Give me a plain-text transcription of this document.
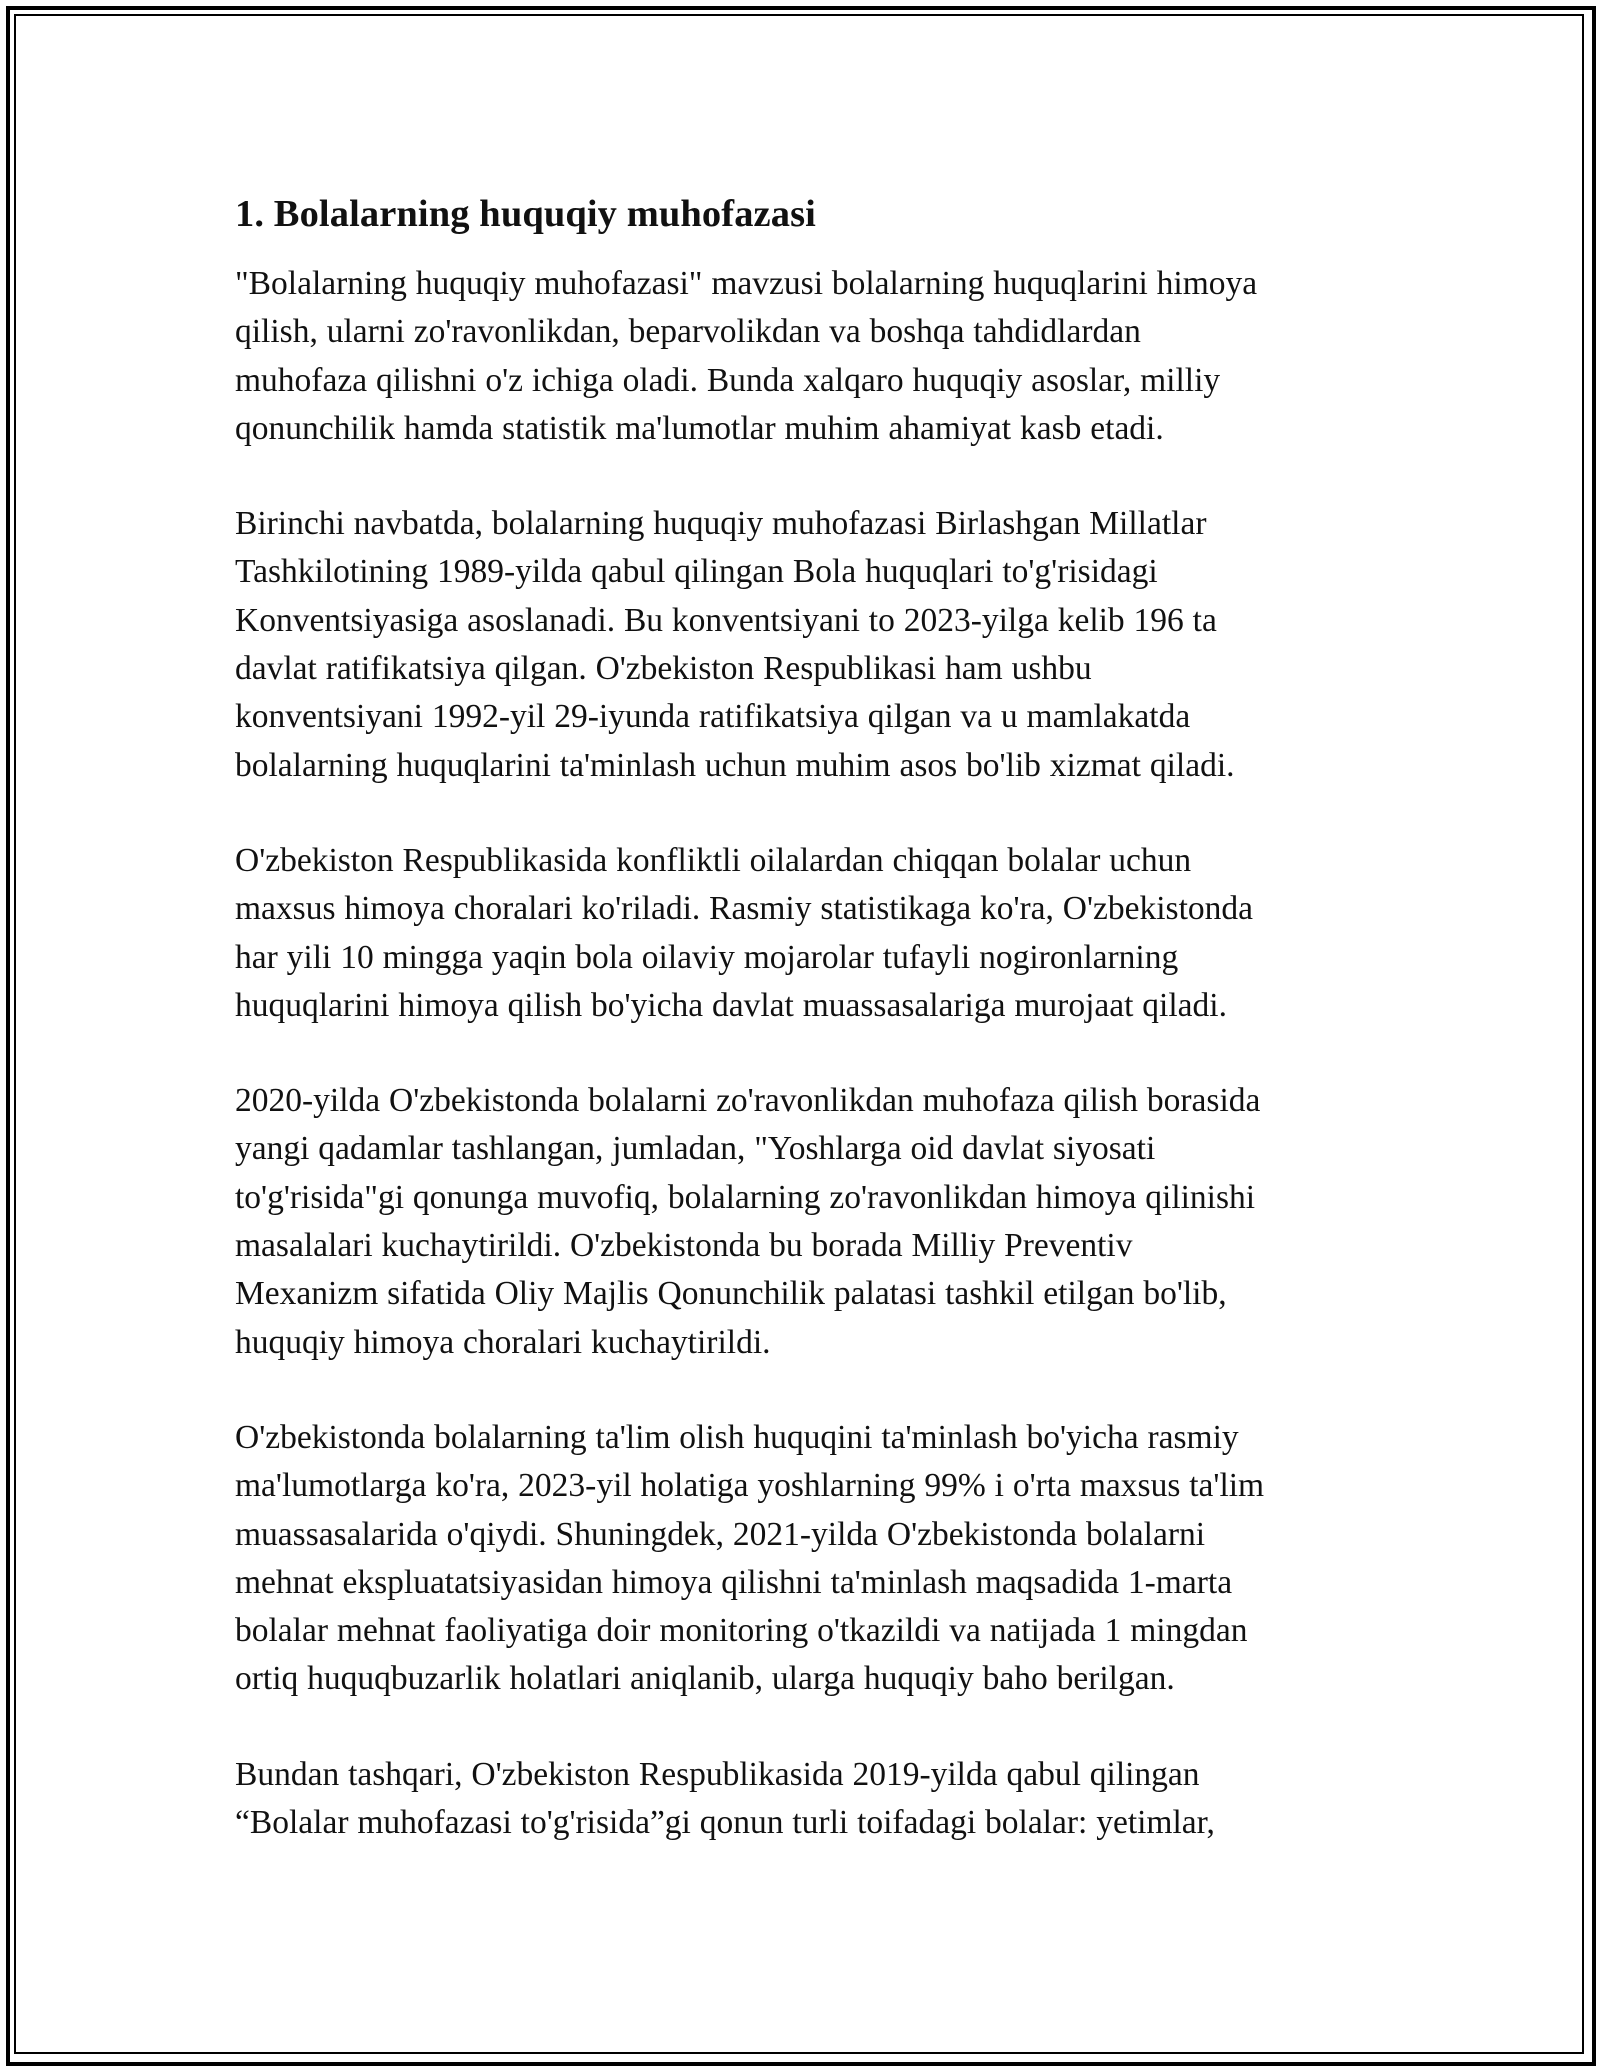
1. Bolalarning huquqiy muhofazasi

"Bolalarning huquqiy muhofazasi" mavzusi bolalarning huquqlarini himoya
qilish, ularni zo'ravonlikdan, beparvolikdan va boshqa tahdidlardan
muhofaza qilishni o'z ichiga oladi. Bunda xalqaro huquqiy asoslar, milliy
qonunchilik hamda statistik ma'lumotlar muhim ahamiyat kasb etadi.

Birinchi navbatda, bolalarning huquqiy muhofazasi Birlashgan Millatlar
Tashkilotining 1989-yilda qabul qilingan Bola huquqlari to'g'risidagi
Konventsiyasiga asoslanadi. Bu konventsiyani to 2023-yilga kelib 196 ta
davlat ratifikatsiya qilgan. O'zbekiston Respublikasi ham ushbu
konventsiyani 1992-yil 29-iyunda ratifikatsiya qilgan va u mamlakatda
bolalarning huquqlarini ta'minlash uchun muhim asos bo'lib xizmat qiladi.

O'zbekiston Respublikasida konfliktli oilalardan chiqqan bolalar uchun
maxsus himoya choralari ko'riladi. Rasmiy statistikaga ko'ra, O'zbekistonda
har yili 10 mingga yaqin bola oilaviy mojarolar tufayli nogironlarning
huquqlarini himoya qilish bo'yicha davlat muassasalariga murojaat qiladi.

2020-yilda O'zbekistonda bolalarni zo'ravonlikdan muhofaza qilish borasida
yangi qadamlar tashlangan, jumladan, "Yoshlarga oid davlat siyosati
to'g'risida"gi qonunga muvofiq, bolalarning zo'ravonlikdan himoya qilinishi
masalalari kuchaytirildi. O'zbekistonda bu borada Milliy Preventiv
Mexanizm sifatida Oliy Majlis Qonunchilik palatasi tashkil etilgan bo'lib,
huquqiy himoya choralari kuchaytirildi.

O'zbekistonda bolalarning ta'lim olish huquqini ta'minlash bo'yicha rasmiy
ma'lumotlarga ko'ra, 2023-yil holatiga yoshlarning 99% i o'rta maxsus ta'lim
muassasalarida o'qiydi. Shuningdek, 2021-yilda O'zbekistonda bolalarni
mehnat ekspluatatsiyasidan himoya qilishni ta'minlash maqsadida 1-marta
bolalar mehnat faoliyatiga doir monitoring o'tkazildi va natijada 1 mingdan
ortiq huquqbuzarlik holatlari aniqlanib, ularga huquqiy baho berilgan.

Bundan tashqari, O'zbekiston Respublikasida 2019-yilda qabul qilingan
“Bolalar muhofazasi to'g'risida”gi qonun turli toifadagi bolalar: yetimlar,
